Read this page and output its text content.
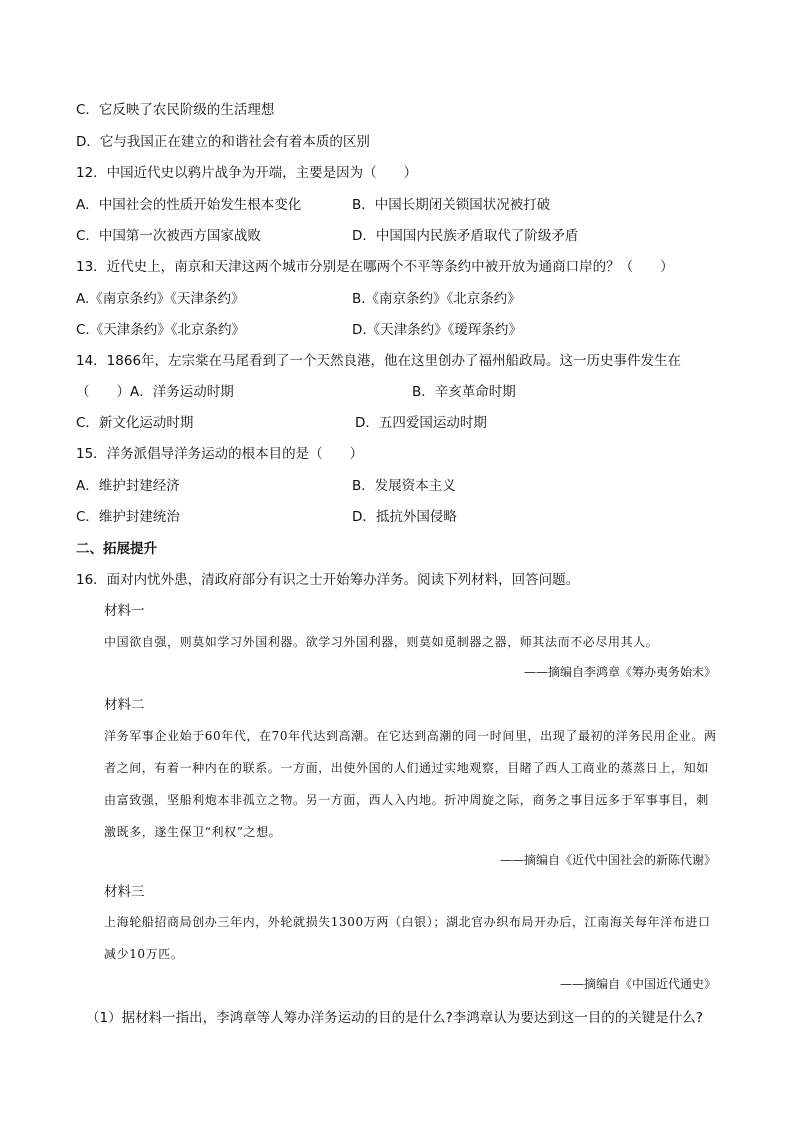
C．它反映了农民阶级的生活理想
D．它与我国正在建立的和谐社会有着本质的区别
12．中国近代史以鸦片战争为开端，主要是因为（　　）
A．中国社会的性质开始发生根本变化	B．中国长期闭关锁国状况被打破
C．中国第一次被西方国家战败	D．中国国内民族矛盾取代了阶级矛盾
13．近代史上，南京和天津这两个城市分别是在哪两个不平等条约中被开放为通商口岸的？（　　）
A.《南京条约》《天津条约》	B.《南京条约》《北京条约》
C.《天津条约》《北京条约》	D.《天津条约》《瑷珲条约》
14．1866年，左宗棠在马尾看到了一个天然良港，他在这里创办了福州船政局。这一历史事件发生在
（　　）A．洋务运动时期	B．辛亥革命时期
C．新文化运动时期	D．五四爱国运动时期
15．洋务派倡导洋务运动的根本目的是（　　）
A．维护封建经济	B．发展资本主义
C．维护封建统治	D．抵抗外国侵略
二、拓展提升
16．面对内忧外患，清政府部分有识之士开始筹办洋务。阅读下列材料，回答问题。
材料一
中国欲自强，则莫如学习外国利器。欲学习外国利器，则莫如觅制器之器，师其法而不必尽用其人。
——摘编自李鸿章《筹办夷务始末》
材料二
洋务军事企业始于60年代，在70年代达到高潮。在它达到高潮的同一时间里，出现了最初的洋务民用企业。两者之间，有着一种内在的联系。一方面，出使外国的人们通过实地观察，目睹了西人工商业的蒸蒸日上，知如由富致强，坚船利炮本非孤立之物。另一方面，西人入内地。折冲周旋之际，商务之事目远多于军事事目，刺激既多，遂生保卫“利权”之想。
——摘编自《近代中国社会的新陈代谢》
材料三
上海轮船招商局创办三年内，外轮就损失1300万两（白银）；湖北官办织布局开办后，江南海关每年洋布进口减少10万匹。
——摘编自《中国近代通史》
（1）据材料一指出，李鸿章等人筹办洋务运动的目的是什么?李鸿章认为要达到这一目的的关键是什么?
